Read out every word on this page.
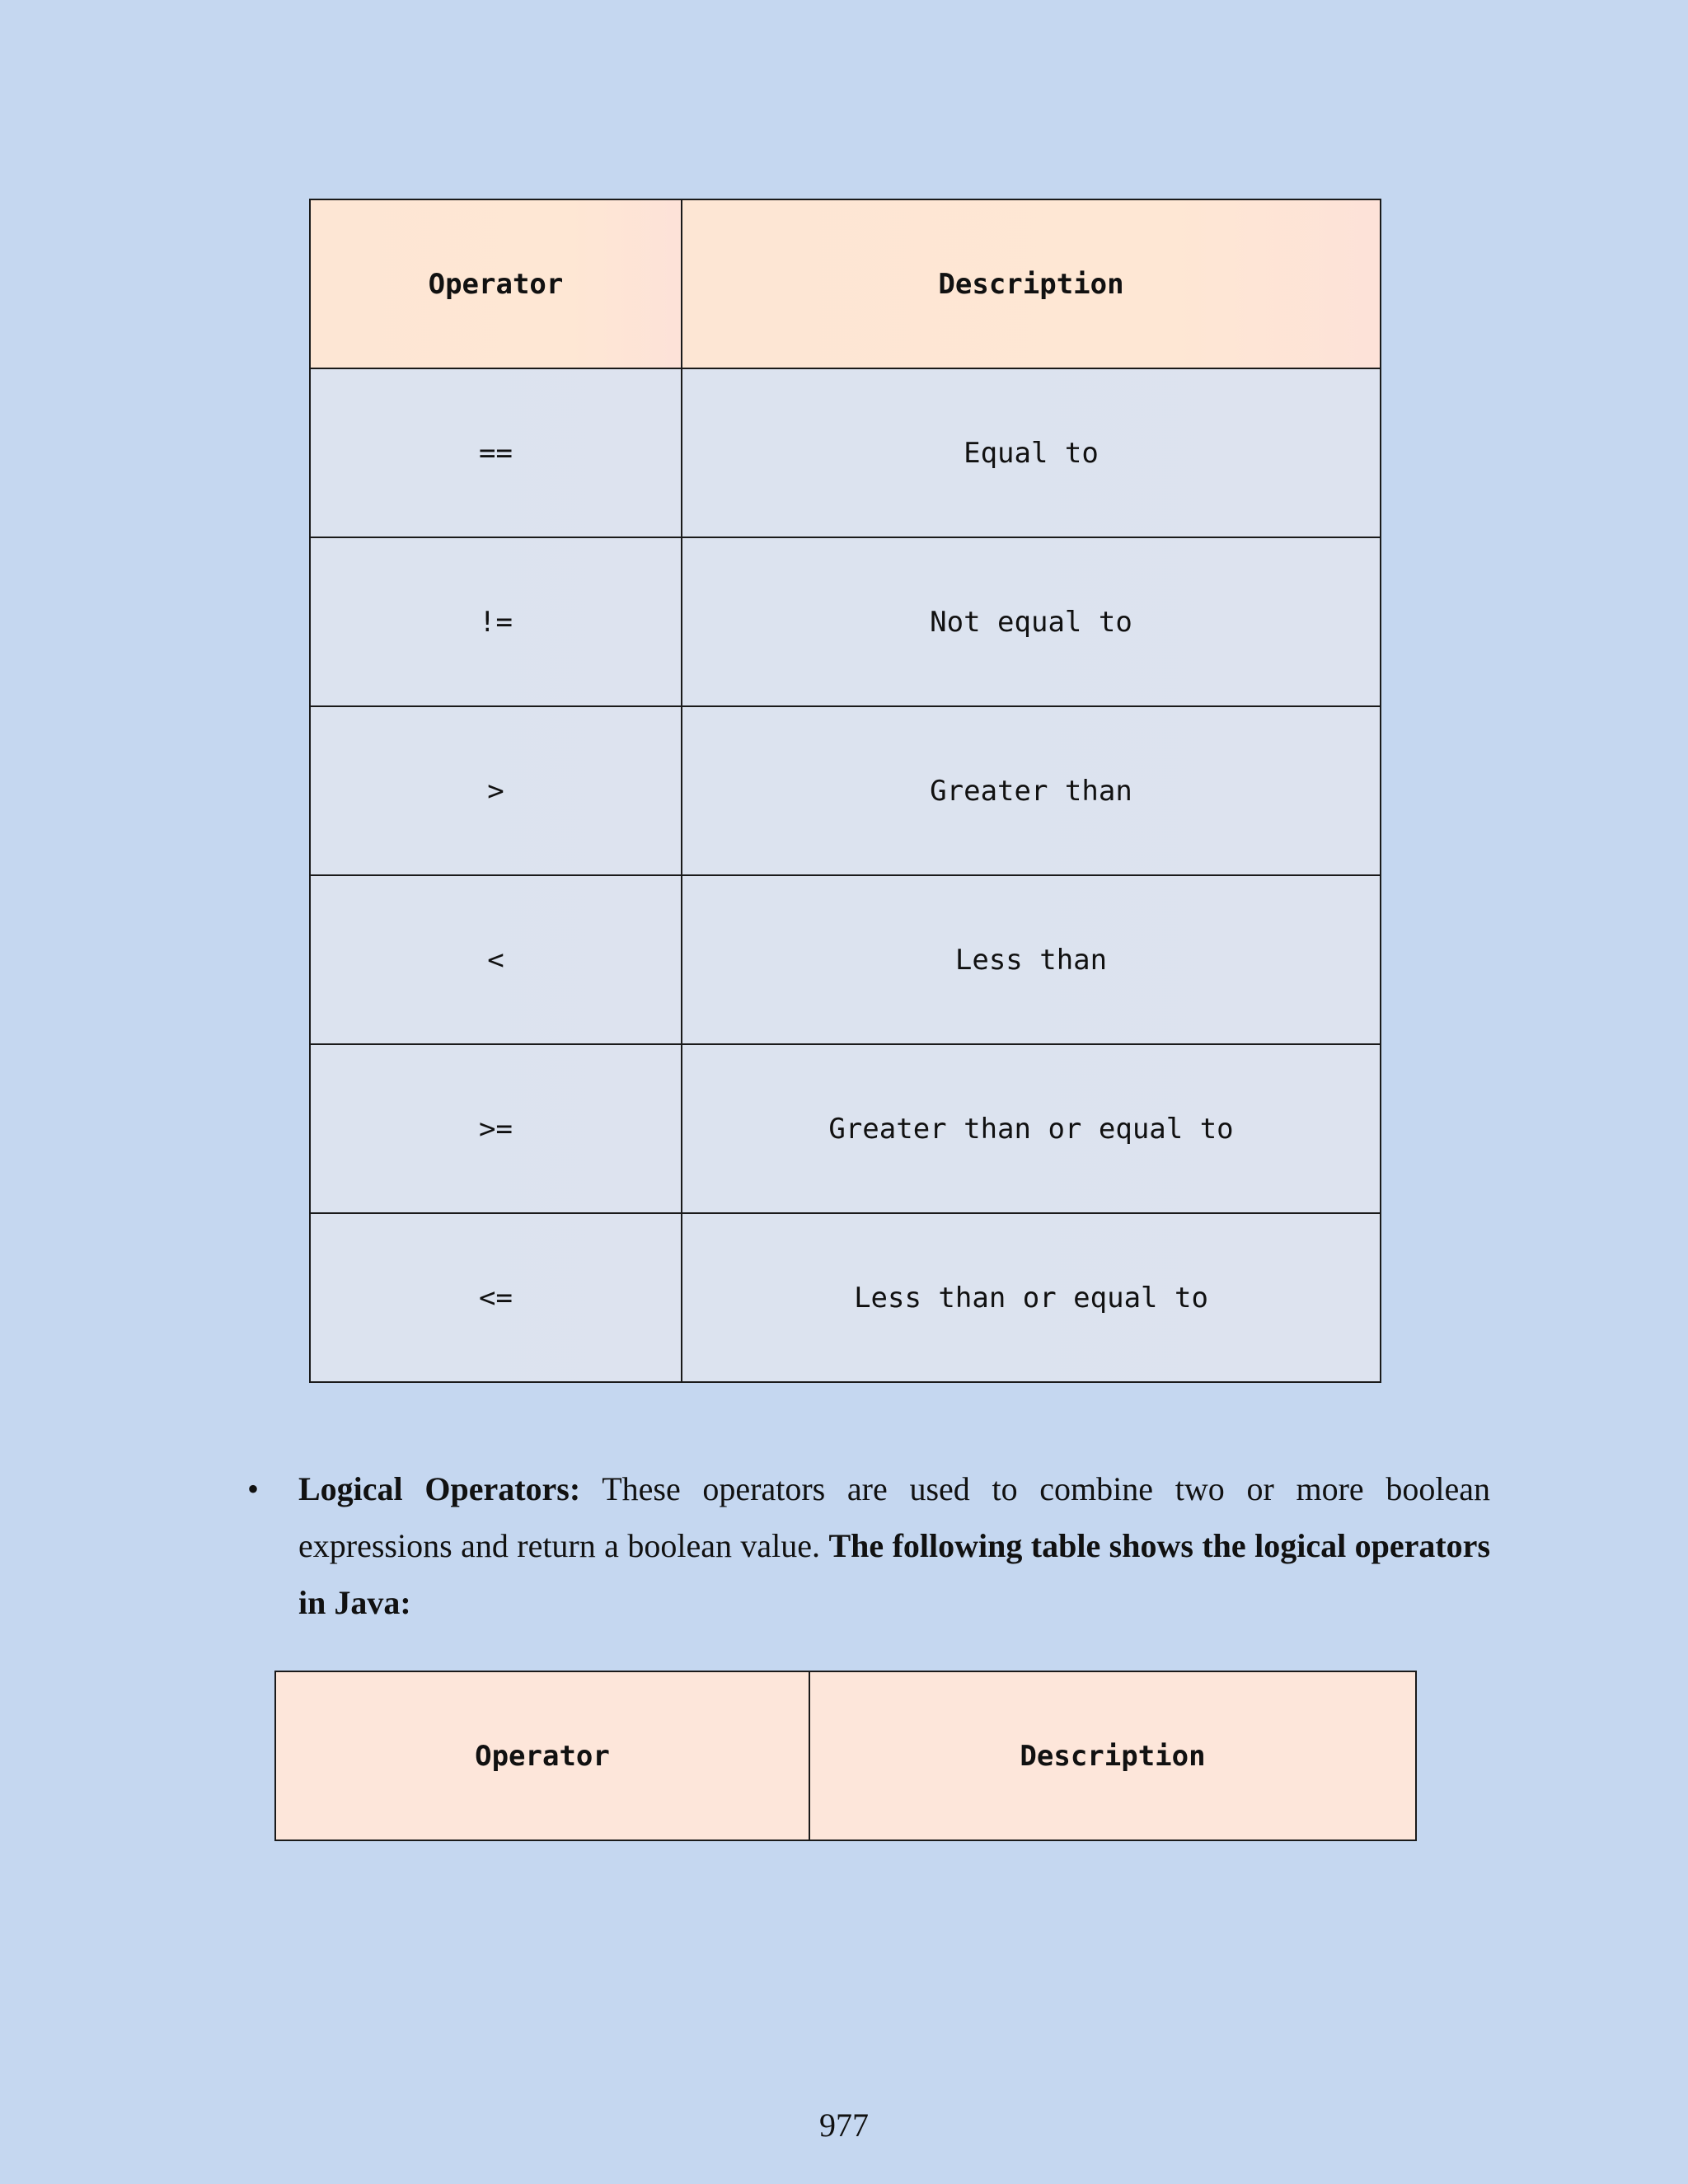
Operator	Description
==	Equal to
!=	Not equal to
>	Greater than
<	Less than
>=	Greater than or equal to
<=	Less than or equal to
• Logical Operators: These operators are used to combine two or more boolean expressions and return a boolean value. The following table shows the logical operators in Java:
Operator	Description
977
